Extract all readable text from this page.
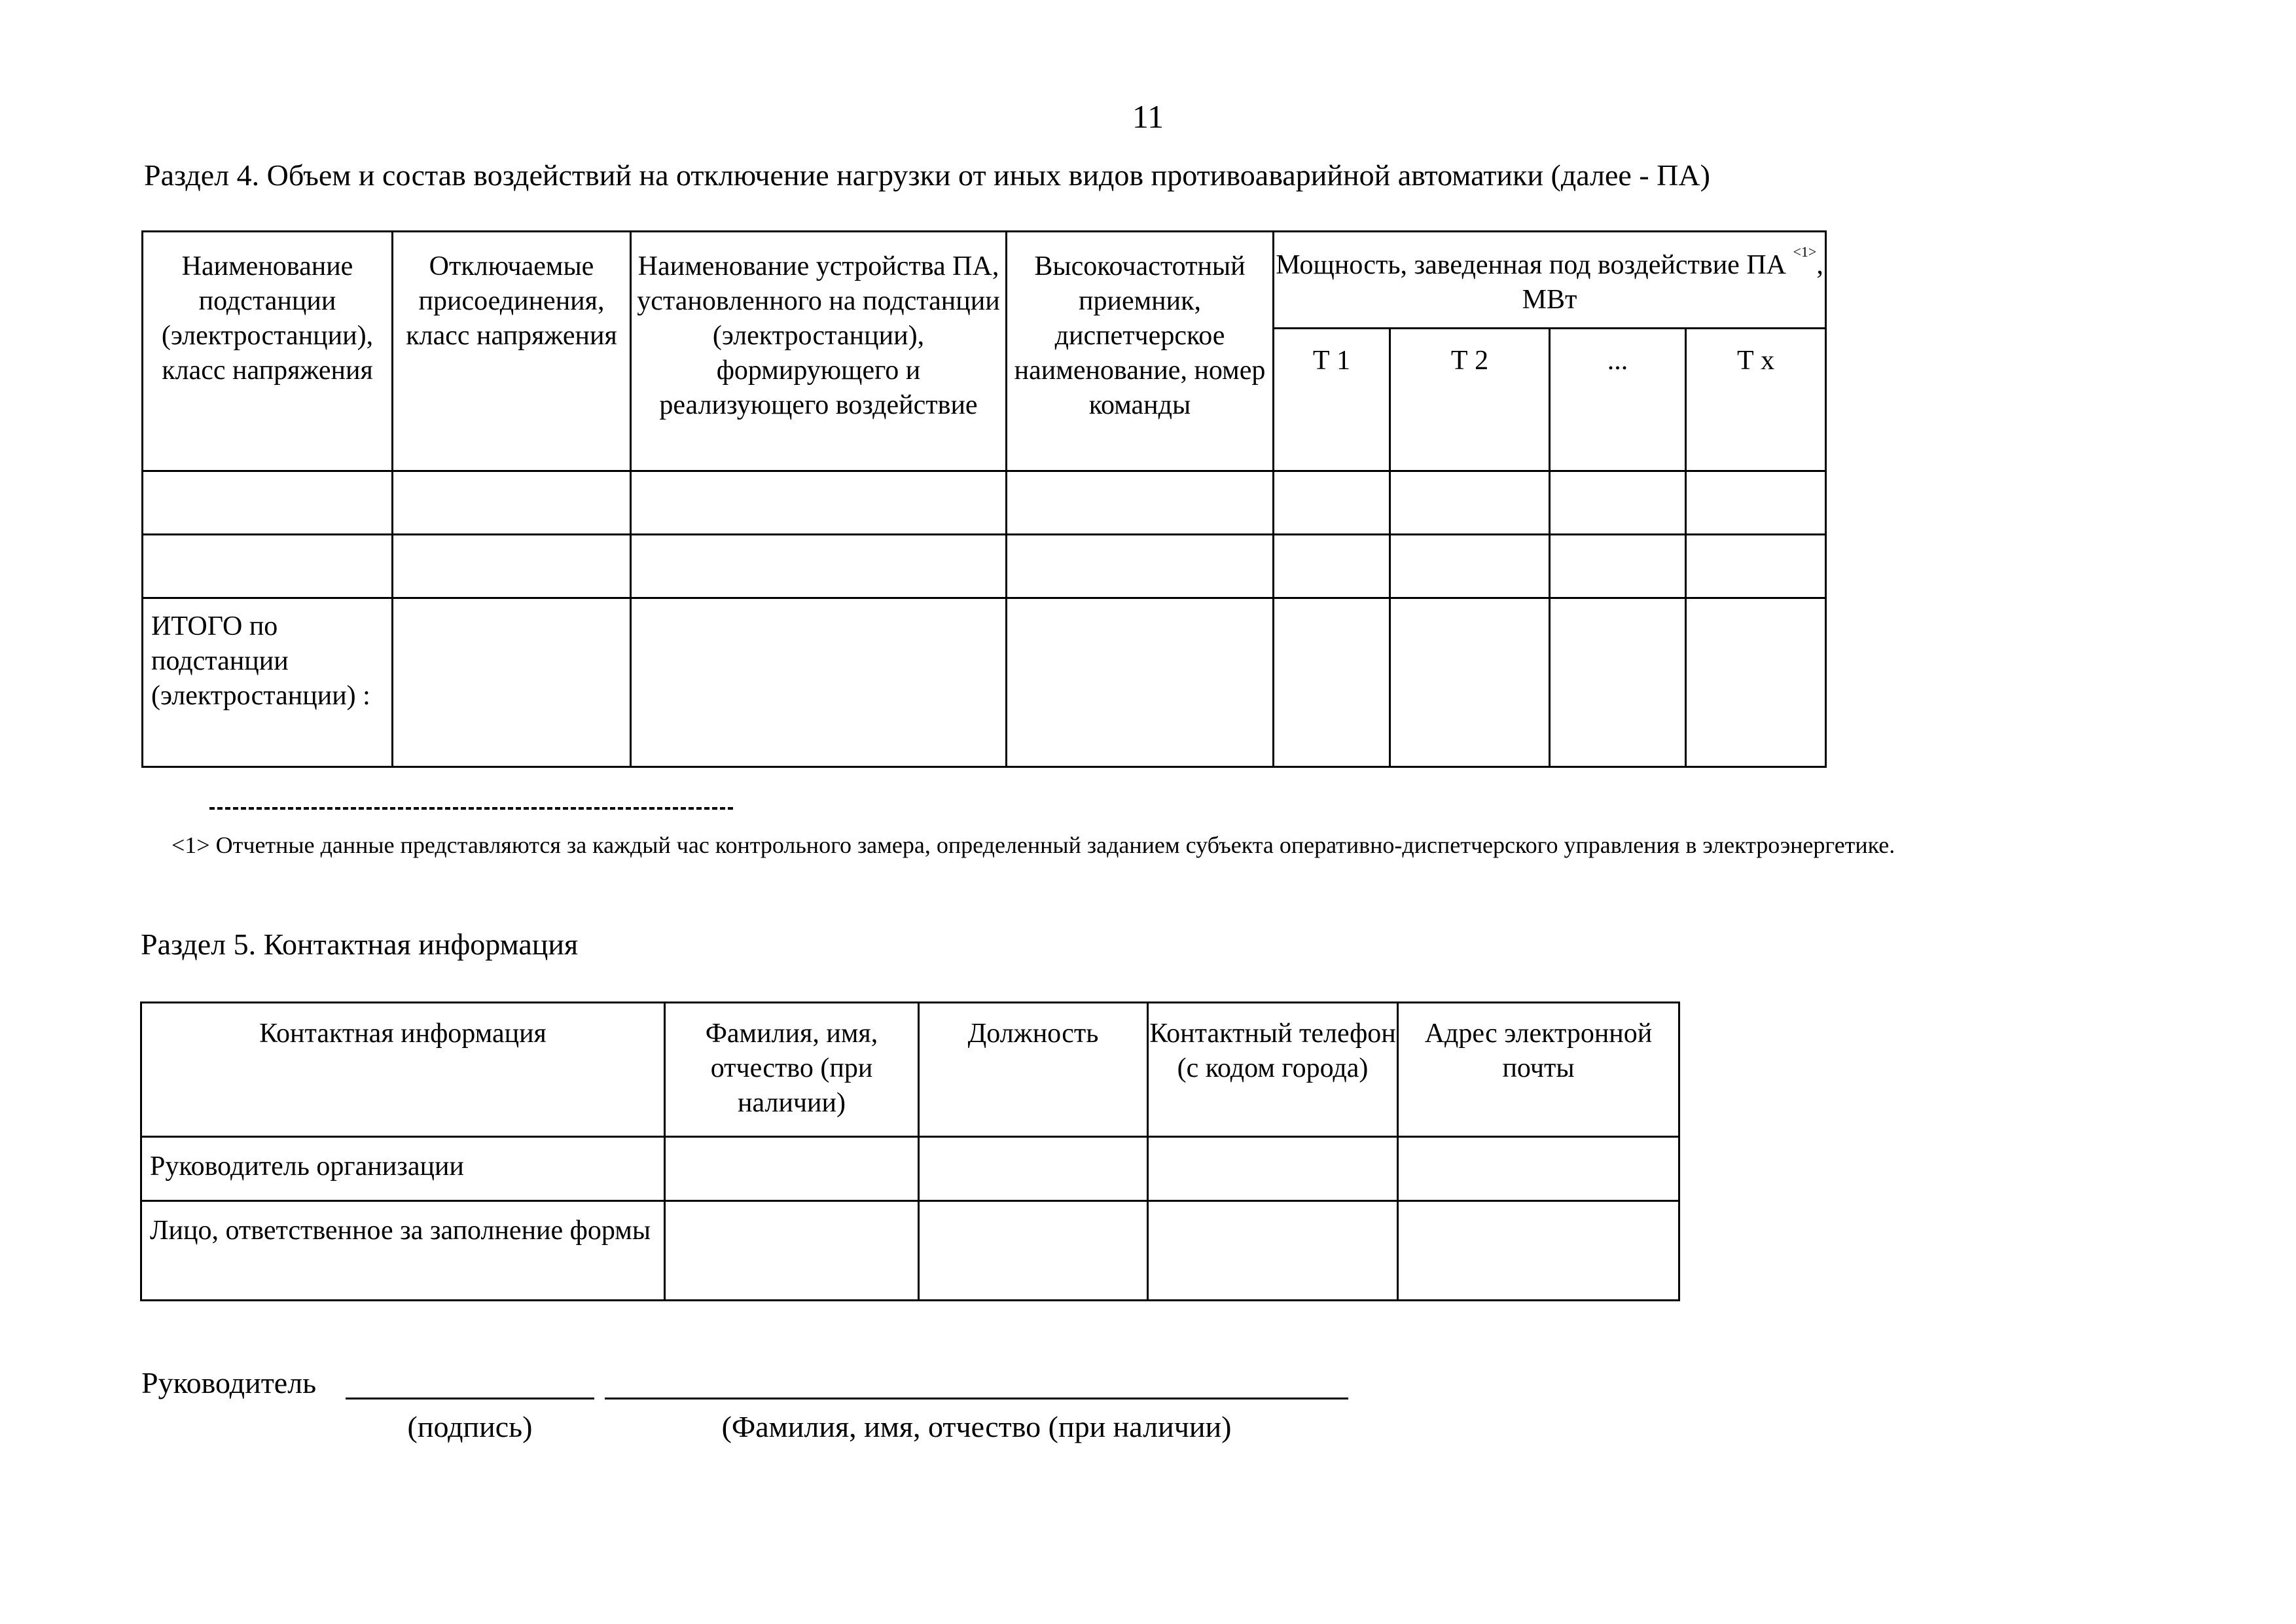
11
Раздел 4. Объем и состав воздействий на отключение нагрузки от иных видов противоаварийной автоматики (далее - ПА)
Наименование подстанции (электростанции), класс напряжения	Отключаемые присоединения, класс напряжения	Наименование устройства ПА, установленного на подстанции (электростанции), формирующего и реализующего воздействие	Высокочастотный приемник, диспетчерское наименование, номер команды	Мощность, заведенная под воздействие ПА $^{<1>}$, МВт			
				Т 1	Т 2	...	Т х

ИТОГО по подстанции (электростанции) :							
<1> Отчетные данные представляются за каждый час контрольного замера, определенный заданием субъекта оперативно-диспетчерского управления в электроэнергетике.
Раздел 5. Контактная информация
Контактная информация	Фамилия, имя, отчество (при наличии)	Должность	Контактный телефон (с кодом города)	Адрес электронной почты
Руководитель организации				
Лицо, ответственное за заполнение формы				
Руководитель
(подпись)	(Фамилия, имя, отчество (при наличии)
